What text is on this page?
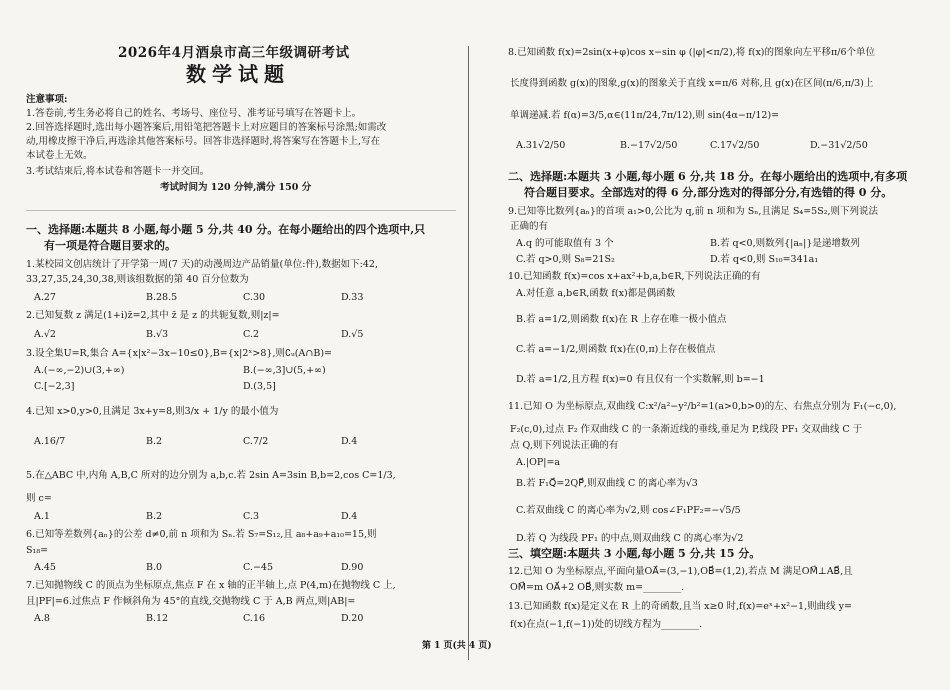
2026年4月酒泉市高三年级调研考试
数学试题
注意事项:
1.答卷前,考生务必将自己的姓名、考场号、座位号、准考证号填写在答题卡上。
2.回答选择题时,选出每小题答案后,用铅笔把答题卡上对应题目的答案标号涂黑;如需改
动,用橡皮擦干净后,再选涂其他答案标号。回答非选择题时,将答案写在答题卡上,写在
本试卷上无效。
3.考试结束后,将本试卷和答题卡一并交回。
考试时间为 120 分钟,满分 150 分
一、选择题:本题共 8 小题,每小题 5 分,共 40 分。在每小题给出的四个选项中,只
有一项是符合题目要求的。
1.某校园文创店统计了开学第一周(7 天)的动漫周边产品销量(单位:件),数据如下:42,
33,27,35,24,30,38,则该组数据的第 40 百分位数为
A.27	B.28.5	C.30	D.33
2.已知复数 z 满足(1+i)z̄=2,其中 z̄ 是 z 的共轭复数,则|z|=
A.√2	B.√3	C.2	D.√5
3.设全集U=R,集合 A={x|x²−3x−10≤0},B={x|2ˣ>8},则∁ᵤ(A∩B)=
A.(−∞,−2)∪(3,+∞)	B.(−∞,3]∪(5,+∞)
C.[−2,3]	D.(3,5]
4.已知 x>0,y>0,且满足 3x+y=8,则3/x + 1/y 的最小值为
A.16/7	B.2	C.7/2	D.4
5.在△ABC 中,内角 A,B,C 所对的边分别为 a,b,c.若 2sin A=3sin B,b=2,cos C=1/3,
则 c=
A.1	B.2	C.3	D.4
6.已知等差数列{aₙ}的公差 d≠0,前 n 项和为 Sₙ.若 S₇=S₁₂,且 a₈+a₉+a₁₀=15,则
S₁₈=
A.45	B.0	C.−45	D.90
7.已知抛物线 C 的顶点为坐标原点,焦点 F 在 x 轴的正半轴上,点 P(4,m)在抛物线 C 上,
且|PF|=6.过焦点 F 作倾斜角为 45°的直线,交抛物线 C 于 A,B 两点,则|AB|=
A.8	B.12	C.16	D.20
第 1 页(共 4 页)
8.已知函数 f(x)=2sin(x+φ)cos x−sin φ (|φ|<π/2),将 f(x)的图象向左平移π/6个单位
长度得到函数 g(x)的图象,g(x)的图象关于直线 x=π/6 对称,且 g(x)在区间(π/6,π/3)上
单调递减.若 f(α)=3/5,α∈(11π/24,7π/12),则 sin(4α−π/12)=
A.31√2/50	B.−17√2/50	C.17√2/50	D.−31√2/50
二、选择题:本题共 3 小题,每小题 6 分,共 18 分。在每小题给出的选项中,有多项
符合题目要求。全部选对的得 6 分,部分选对的得部分分,有选错的得 0 分。
9.已知等比数列{aₙ}的首项 a₁>0,公比为 q,前 n 项和为 Sₙ,且满足 S₄=5S₂,则下列说法
正确的有
A.q 的可能取值有 3 个	B.若 q<0,则数列{|aₙ|}是递增数列
C.若 q>0,则 S₈=21S₂	D.若 q<0,则 S₁₀=341a₁
10.已知函数 f(x)=cos x+ax²+b,a,b∈R,下列说法正确的有
A.对任意 a,b∈R,函数 f(x)都是偶函数
B.若 a=1/2,则函数 f(x)在 R 上存在唯一极小值点
C.若 a=−1/2,则函数 f(x)在(0,π)上存在极值点
D.若 a=1/2,且方程 f(x)=0 有且仅有一个实数解,则 b=−1
11.已知 O 为坐标原点,双曲线 C:x²/a²−y²/b²=1(a>0,b>0)的左、右焦点分别为 F₁(−c,0),
F₂(c,0),过点 F₂ 作双曲线 C 的一条渐近线的垂线,垂足为 P,线段 PF₁ 交双曲线 C 于
点 Q,则下列说法正确的有
A.|OP|=a
B.若 F₁Q⃗=2QP⃗,则双曲线 C 的离心率为√3
C.若双曲线 C 的离心率为√2,则 cos∠F₁PF₂=−√5/5
D.若 Q 为线段 PF₁ 的中点,则双曲线 C 的离心率为√2
三、填空题:本题共 3 小题,每小题 5 分,共 15 分。
12.已知 O 为坐标原点,平面向量OA⃗=(3,−1),OB⃗=(1,2),若点 M 满足OM⃗⊥AB⃗,且
OM⃗=m OA⃗+2 OB⃗,则实数 m=________.
13.已知函数 f(x)是定义在 R 上的奇函数,且当 x≥0 时,f(x)=eˣ+x²−1,则曲线 y=
f(x)在点(−1,f(−1))处的切线方程为________.
